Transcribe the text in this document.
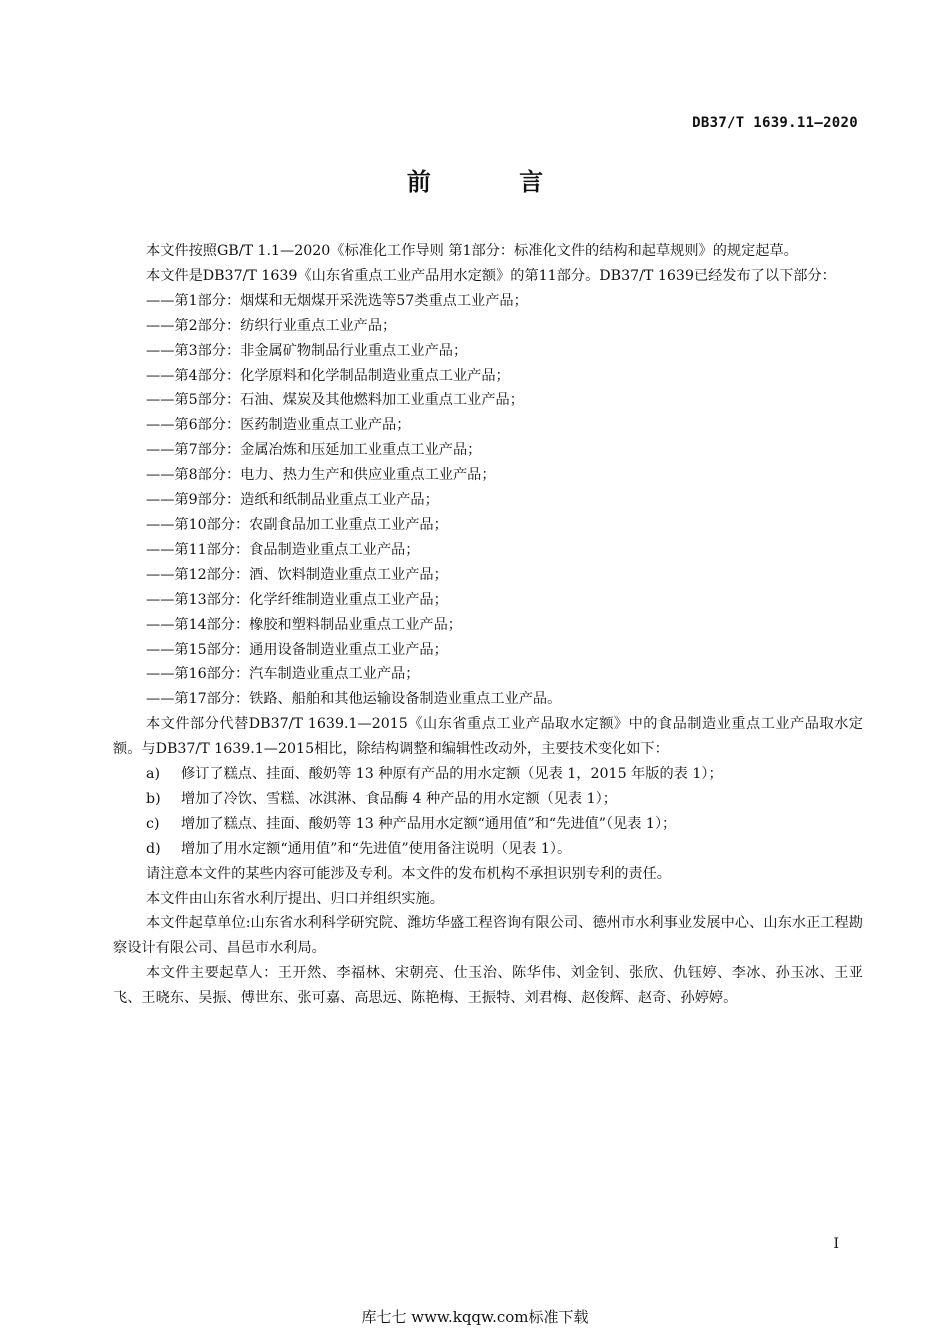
DB37/T 1639.11—2020
前 言
本文件按照GB/T 1.1—2020《标准化工作导则 第1部分：标准化文件的结构和起草规则》的规定起草。
本文件是DB37/T 1639《山东省重点工业产品用水定额》的第11部分。DB37/T 1639已经发布了以下部分：
——第1部分：烟煤和无烟煤开采洗选等57类重点工业产品；
——第2部分：纺织行业重点工业产品；
——第3部分：非金属矿物制品行业重点工业产品；
——第4部分：化学原料和化学制品制造业重点工业产品；
——第5部分：石油、煤炭及其他燃料加工业重点工业产品；
——第6部分：医药制造业重点工业产品；
——第7部分：金属冶炼和压延加工业重点工业产品；
——第8部分：电力、热力生产和供应业重点工业产品；
——第9部分：造纸和纸制品业重点工业产品；
——第10部分：农副食品加工业重点工业产品；
——第11部分：食品制造业重点工业产品；
——第12部分：酒、饮料制造业重点工业产品；
——第13部分：化学纤维制造业重点工业产品；
——第14部分：橡胶和塑料制品业重点工业产品；
——第15部分：通用设备制造业重点工业产品；
——第16部分：汽车制造业重点工业产品；
——第17部分：铁路、船舶和其他运输设备制造业重点工业产品。
本文件部分代替DB37/T 1639.1—2015《山东省重点工业产品取水定额》中的食品制造业重点工业产品取水定额。与DB37/T 1639.1—2015相比，除结构调整和编辑性改动外，主要技术变化如下：
a) 修订了糕点、挂面、酸奶等 13 种原有产品的用水定额（见表 1，2015 年版的表 1）；
b) 增加了冷饮、雪糕、冰淇淋、食品酶 4 种产品的用水定额（见表 1）；
c) 增加了糕点、挂面、酸奶等 13 种产品用水定额“通用值”和“先进值”（见表 1）；
d) 增加了用水定额“通用值”和“先进值”使用备注说明（见表 1）。
请注意本文件的某些内容可能涉及专利。本文件的发布机构不承担识别专利的责任。
本文件由山东省水利厅提出、归口并组织实施。
本文件起草单位:山东省水利科学研究院、潍坊华盛工程咨询有限公司、德州市水利事业发展中心、山东水正工程勘察设计有限公司、昌邑市水利局。
本文件主要起草人：王开然、李福林、宋朝亮、仕玉治、陈华伟、刘金钊、张欣、仇钰婷、李冰、孙玉冰、王亚飞、王晓东、吴振、傅世东、张可嘉、高思远、陈艳梅、王振特、刘君梅、赵俊辉、赵奇、孙婷婷。
I
库七七 www.kqqw.com标准下载
